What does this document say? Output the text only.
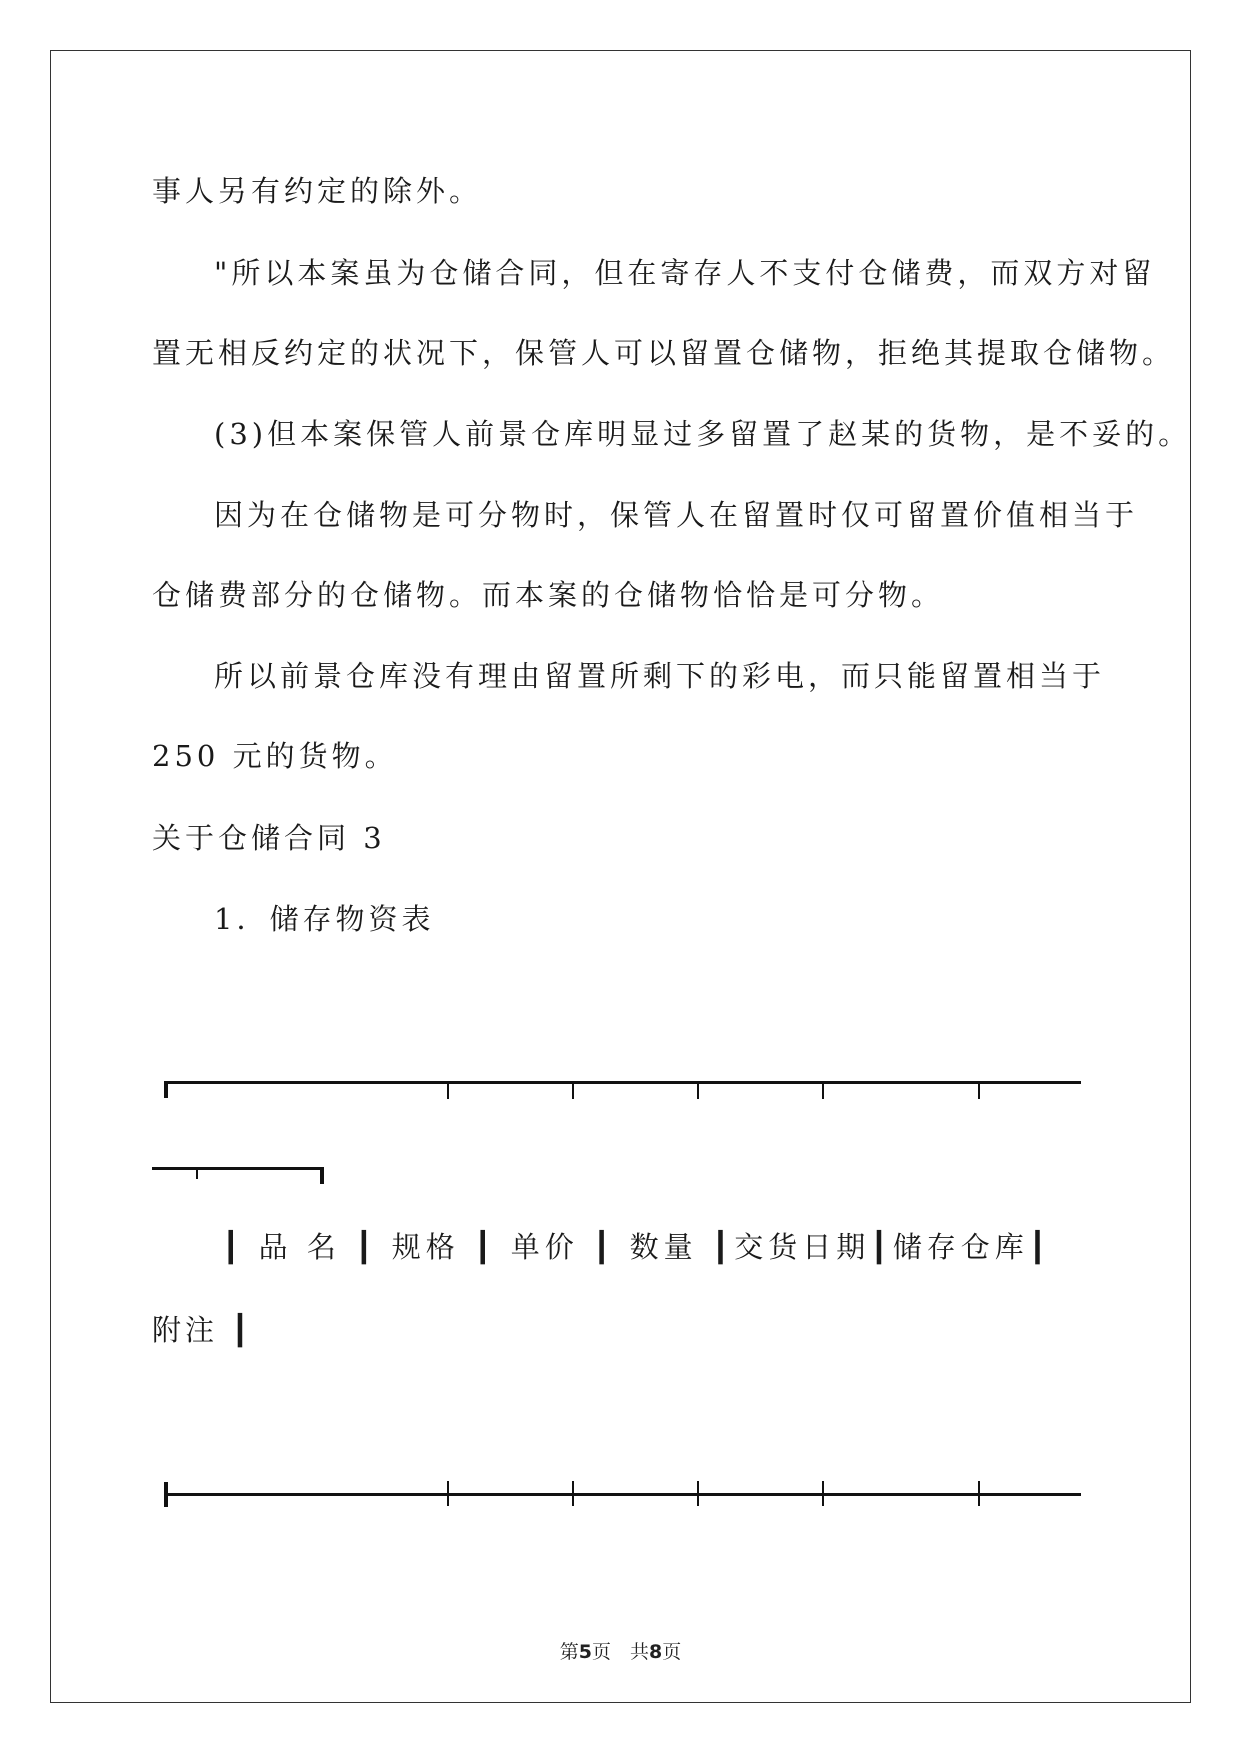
事人另有约定的除外。
"所以本案虽为仓储合同，但在寄存人不支付仓储费，而双方对留
置无相反约定的状况下，保管人可以留置仓储物，拒绝其提取仓储物。
(3)但本案保管人前景仓库明显过多留置了赵某的货物，是不妥的。
因为在仓储物是可分物时，保管人在留置时仅可留置价值相当于
仓储费部分的仓储物。而本案的仓储物恰恰是可分物。
所以前景仓库没有理由留置所剩下的彩电，而只能留置相当于
250 元的货物。
关于仓储合同 3
1．储存物资表
┃ 品 名 ┃ 规格 ┃ 单价 ┃ 数量 ┃交货日期┃储存仓库┃
附注 ┃
第5页　共8页
